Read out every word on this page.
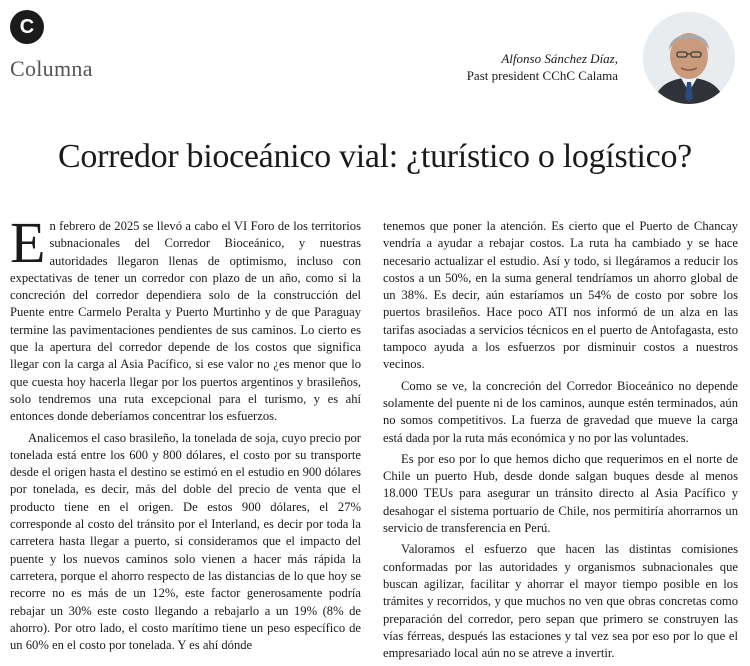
C
Columna	Alfonso Sánchez Díaz,
Past president CChC Calama
Corredor bioceánico vial: ¿turístico o logístico?

En febrero de 2025 se llevó a cabo el VI Foro de los territorios subnacionales del Corredor Bioceánico, y nuestras autoridades llegaron llenas de optimismo, incluso con expectativas de tener un corredor con plazo de un año, como si la concreción del corredor dependiera solo de la construcción del Puente entre Carmelo Peralta y Puerto Murtinho y de que Paraguay termine las pavimentaciones pendientes de sus caminos. Lo cierto es que la apertura del corredor depende de los costos que significa llegar con la carga al Asia Pacífico, si ese valor no ¿es menor que lo que cuesta hoy hacerla llegar por los puertos argentinos y brasileños, solo tendremos una ruta excepcional para el turismo, y es ahí entonces donde deberíamos concentrar los esfuerzos.

Analicemos el caso brasileño, la tonelada de soja, cuyo precio por tonelada está entre los 600 y 800 dólares, el costo por su transporte desde el origen hasta el destino se estimó en el estudio en 900 dólares por tonelada, es decir, más del doble del precio de venta que el producto tiene en el origen. De estos 900 dólares, el 27% corresponde al costo del tránsito por el Interland, es decir por toda la carretera hasta llegar a puerto, si consideramos que el impacto del puente y los nuevos caminos solo vienen a hacer más rápida la carretera, porque el ahorro respecto de las distancias de lo que hoy se recorre no es más de un 12%, este factor generosamente podría rebajar un 30% este costo llegando a rebajarlo a un 19% (8% de ahorro). Por otro lado, el costo marítimo tiene un peso específico de un 60% en el costo por tonelada. Y es ahí dónde

tenemos que poner la atención. Es cierto que el Puerto de Chancay vendría a ayudar a rebajar costos. La ruta ha cambiado y se hace necesario actualizar el estudio. Así y todo, si llegáramos a reducir los costos a un 50%, en la suma general tendríamos un ahorro global de un 38%. Es decir, aún estaríamos un 54% de costo por sobre los puertos brasileños. Hace poco ATI nos informó de un alza en las tarifas asociadas a servicios técnicos en el puerto de Antofagasta, esto tampoco ayuda a los esfuerzos por disminuir costos a nuestros vecinos.

Como se ve, la concreción del Corredor Bioceánico no depende solamente del puente ni de los caminos, aunque estén terminados, aún no somos competitivos. La fuerza de gravedad que mueve la carga está dada por la ruta más económica y no por las voluntades.

Es por eso por lo que hemos dicho que requerimos en el norte de Chile un puerto Hub, desde donde salgan buques desde al menos 18.000 TEUs para asegurar un tránsito directo al Asia Pacífico y desahogar el sistema portuario de Chile, nos permitiría ahorrarnos un servicio de transferencia en Perú.

Valoramos el esfuerzo que hacen las distintas comisiones conformadas por las autoridades y organismos subnacionales que buscan agilizar, facilitar y ahorrar el mayor tiempo posible en los trámites y recorridos, y que muchos no ven que obras concretas como preparación del corredor, pero sepan que primero se construyen las vías férreas, después las estaciones y tal vez sea por eso por lo que el empresariado local aún no se atreve a invertir.
